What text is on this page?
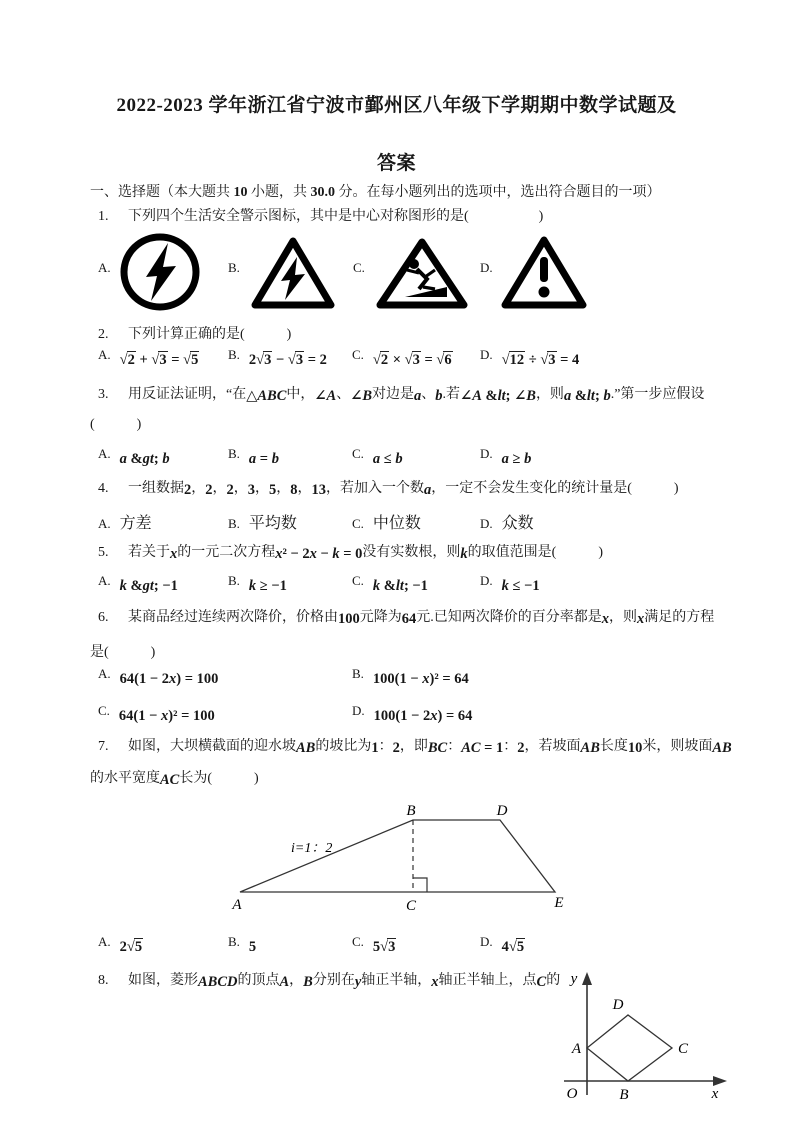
2022-2023 学年浙江省宁波市鄞州区八年级下学期期中数学试题及
答案
一、选择题（本大题共 10 小题，共 30.0 分。在每小题列出的选项中，选出符合题目的一项）
1. 下列四个生活安全警示图标，其中是中心对称图形的是(　　　　　)
A.	B.	C.	D.
2. 下列计算正确的是(　　　)
A. √2 + √3 = √5 B. 2√3 − √3 = 2 C. √2 × √3 = √6 D. √12 ÷ √3 = 4
3. 用反证法证明，“在△ABC中，∠A、∠B对边是a、b.若∠A &lt; ∠B，则a &lt; b.”第一步应假设
(　　　)
A. a &gt; b	B. a = b	C. a ≤ b	D. a ≥ b
4. 一组数据2，2，2，3，5，8，13，若加入一个数a，一定不会发生变化的统计量是(　　　)
A. 方差	B. 平均数	C. 中位数	D. 众数
5. 若关于x的一元二次方程x² − 2x − k = 0没有实数根，则k的取值范围是(　　　)
A. k &gt; −1	B. k ≥ −1	C. k &lt; −1	D. k ≤ −1
6. 某商品经过连续两次降价，价格由100元降为64元.已知两次降价的百分率都是x，则x满足的方程
是(　　　)
A. 64(1 − 2x) = 100	B. 100(1 − x)² = 64
C. 64(1 − x)² = 100	D. 100(1 − 2x) = 64
7. 如图，大坝横截面的迎水坡AB的坡比为1：2，即BC：AC = 1：2，若坡面AB长度10米，则坡面AB
的水平宽度AC长为(　　　)
A
B
C
D
E
i=1：2
A. 2√5	B. 5	C. 5√3	D. 4√5
8. 如图，菱形ABCD的顶点A，B分别在y轴正半轴，x轴正半轴上，点C的 y
x
O
A
B
C
D
